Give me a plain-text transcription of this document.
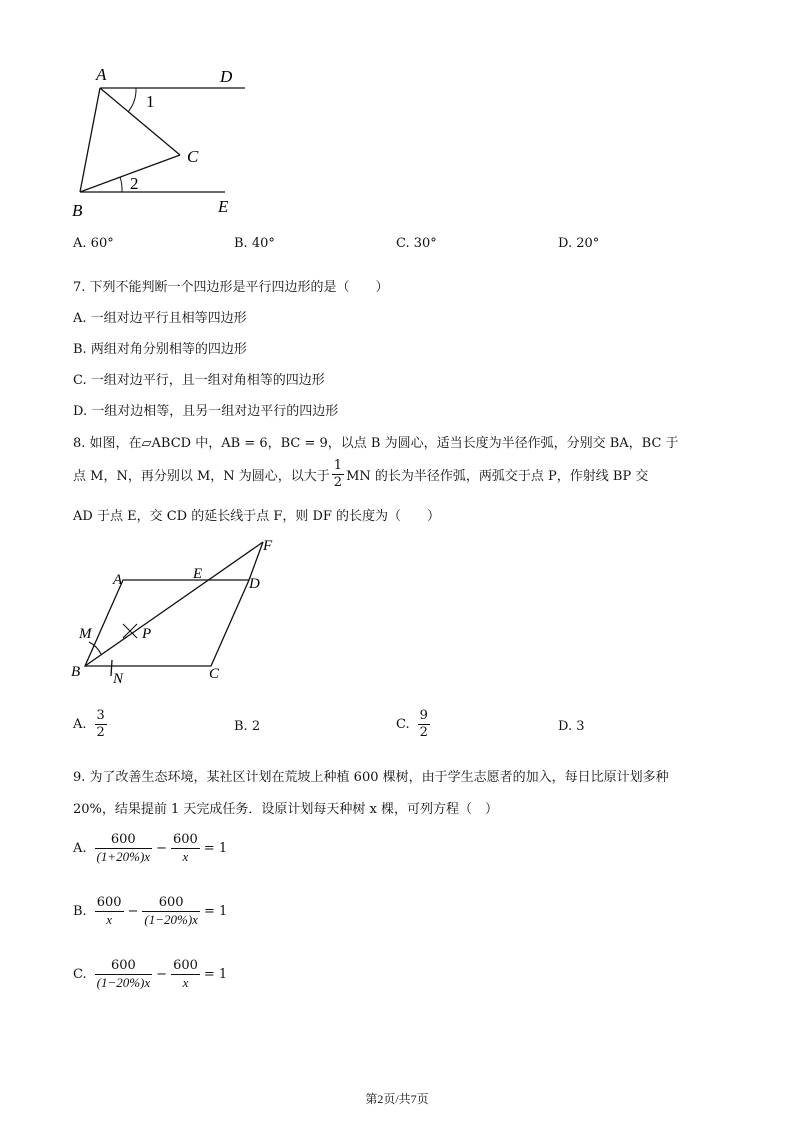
A	D
1
C
2
B	E
A. 60°	B. 40°	C. 30°	D. 20°
7. 下列不能判断一个四边形是平行四边形的是（　　）
A. 一组对边平行且相等四边形
B. 两组对角分别相等的四边形
C. 一组对边平行，且一组对角相等的四边形
D. 一组对边相等，且另一组对边平行的四边形
8. 如图，在▱ABCD 中，AB = 6，BC = 9，以点 B 为圆心，适当长度为半径作弧，分别交 BA，BC 于
点 M，N，再分别以 M，N 为圆心，以大于 $\frac{1}{2}$ MN 的长为半径作弧，两弧交于点 P，作射线 BP 交
AD 于点 E，交 CD 的延长线于点 F，则 DF 的长度为（　　）
A	E
D
F
M	P
B N	C
A. $\frac{3}{2}$	B. 2	C. $\frac{9}{2}$	D. 3
9. 为了改善生态环境，某社区计划在荒坡上种植 600 棵树，由于学生志愿者的加入，每日比原计划多种
20%，结果提前 1 天完成任务．设原计划每天种树 x 棵，可列方程（　）
A. $\frac{600}{(1+20\%)x} - \frac{600}{x} = 1$
B. $\frac{600}{x} - \frac{600}{(1-20\%)x} = 1$
C. $\frac{600}{(1-20\%)x} - \frac{600}{x} = 1$
第2页/共7页
